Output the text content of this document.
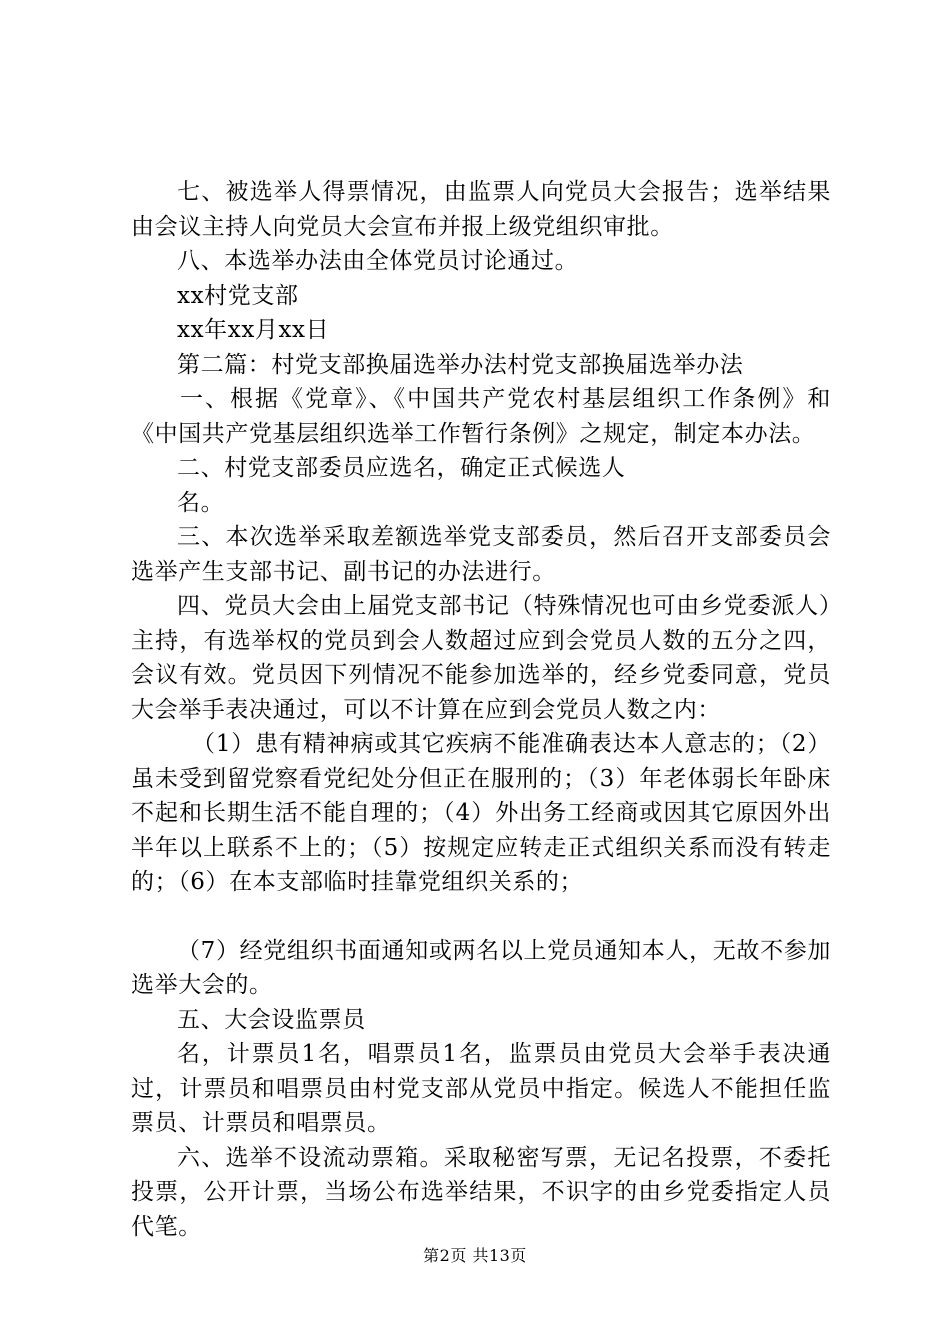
七、被选举人得票情况，由监票人向党员大会报告；选举结果由会议主持人向党员大会宣布并报上级党组织审批。

八、本选举办法由全体党员讨论通过。

xx村党支部

xx年xx月xx日

第二篇：村党支部换届选举办法村党支部换届选举办法

一、根据《党章》、《中国共产党农村基层组织工作条例》和《中国共产党基层组织选举工作暂行条例》之规定，制定本办法。

二、村党支部委员应选名，确定正式候选人

名。

三、本次选举采取差额选举党支部委员，然后召开支部委员会选举产生支部书记、副书记的办法进行。

四、党员大会由上届党支部书记（特殊情况也可由乡党委派人）主持，有选举权的党员到会人数超过应到会党员人数的五分之四，会议有效。党员因下列情况不能参加选举的，经乡党委同意，党员大会举手表决通过，可以不计算在应到会党员人数之内：

（1）患有精神病或其它疾病不能准确表达本人意志的；（2）虽未受到留党察看党纪处分但正在服刑的；（3）年老体弱长年卧床不起和长期生活不能自理的；（4）外出务工经商或因其它原因外出半年以上联系不上的；（5）按规定应转走正式组织关系而没有转走的；（6）在本支部临时挂靠党组织关系的；

（7）经党组织书面通知或两名以上党员通知本人，无故不参加选举大会的。

五、大会设监票员

名，计票员1名，唱票员1名，监票员由党员大会举手表决通过，计票员和唱票员由村党支部从党员中指定。候选人不能担任监票员、计票员和唱票员。

六、选举不设流动票箱。采取秘密写票，无记名投票，不委托投票，公开计票，当场公布选举结果，不识字的由乡党委指定人员代笔。

第2页 共13页
